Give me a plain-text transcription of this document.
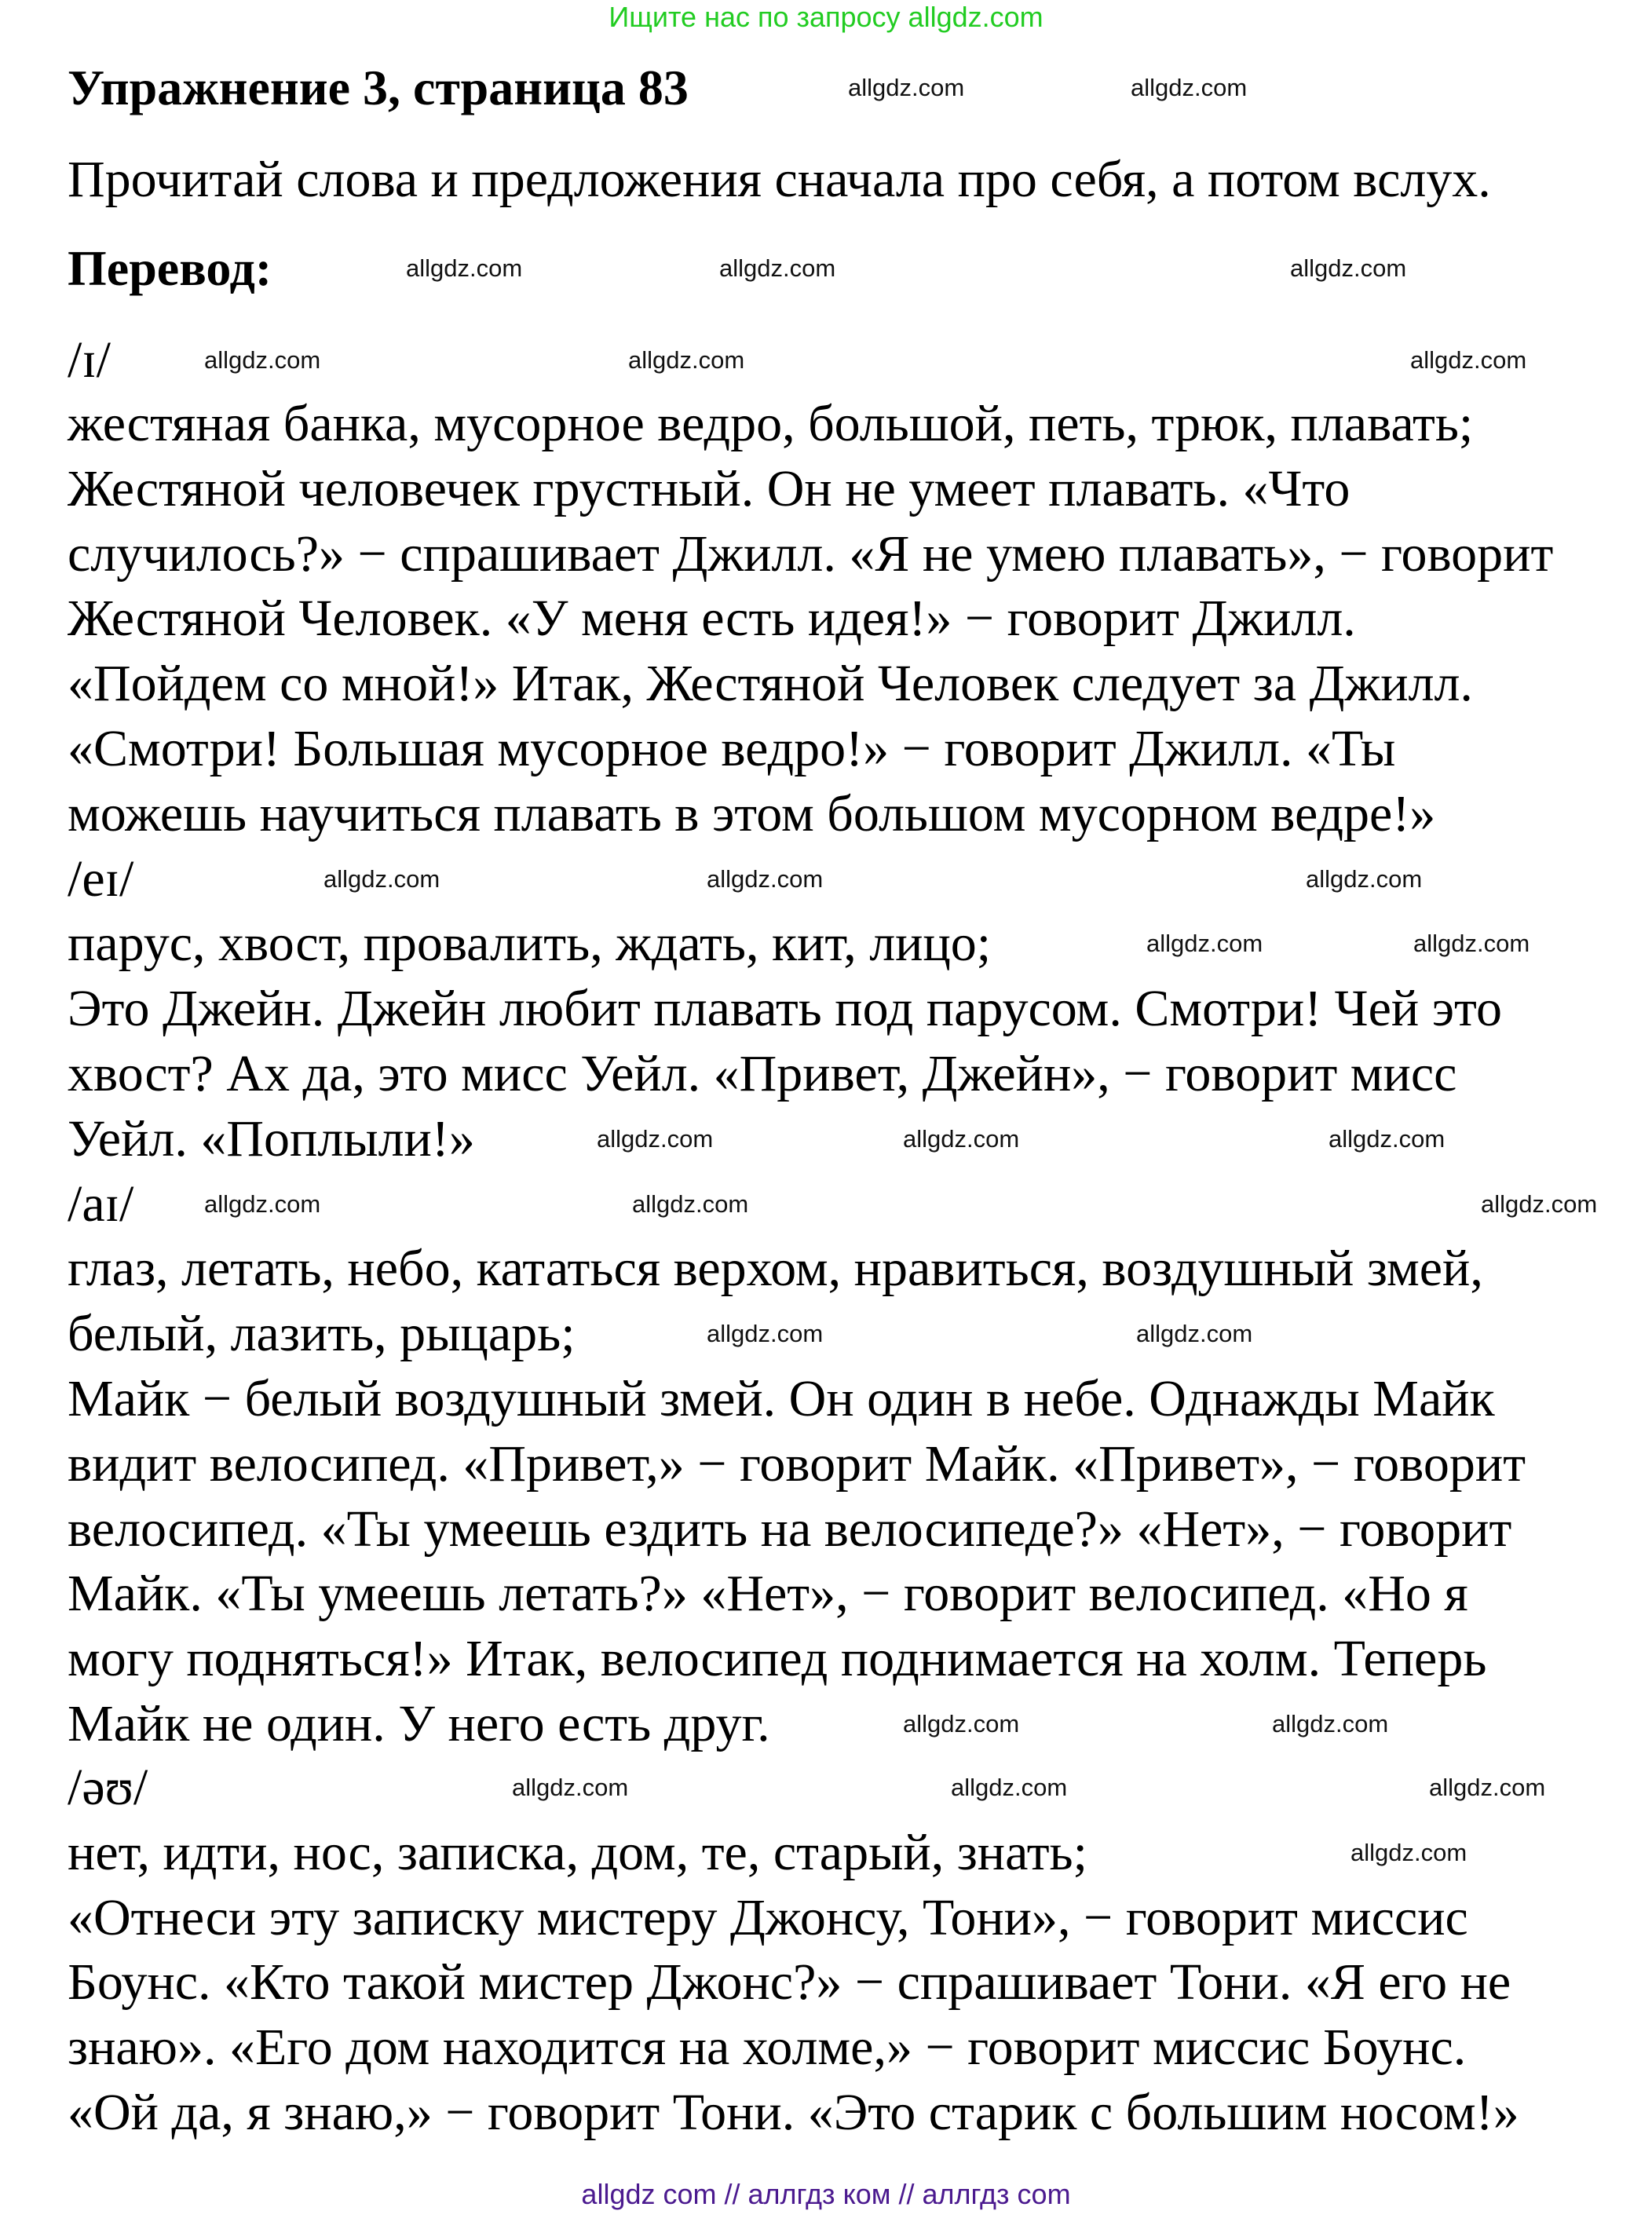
Ищите нас по запросу allgdz.com
Упражнение 3, страница 83
Прочитай слова и предложения сначала про себя, а потом вслух.
Перевод:
/ɪ/
жестяная банка, мусорное ведро, большой, петь, трюк, плавать;
Жестяной человечек грустный. Он не умеет плавать. «Что
случилось?» − спрашивает Джилл. «Я не умею плавать», − говорит
Жестяной Человек. «У меня есть идея!» − говорит Джилл.
«Пойдем со мной!» Итак, Жестяной Человек следует за Джилл.
«Смотри! Большая мусорное ведро!» − говорит Джилл. «Ты
можешь научиться плавать в этом большом мусорном ведре!»
/eɪ/
парус, хвост, провалить, ждать, кит, лицо;
Это Джейн. Джейн любит плавать под парусом. Смотри! Чей это
хвост? Ах да, это мисс Уейл. «Привет, Джейн», − говорит мисс
Уейл. «Поплыли!»
/aɪ/
глаз, летать, небо, кататься верхом, нравиться, воздушный змей,
белый, лазить, рыцарь;
Майк − белый воздушный змей. Он один в небе. Однажды Майк
видит велосипед. «Привет,» − говорит Майк. «Привет», − говорит
велосипед. «Ты умеешь ездить на велосипеде?» «Нет», − говорит
Майк. «Ты умеешь летать?» «Нет», − говорит велосипед. «Но я
могу подняться!» Итак, велосипед поднимается на холм. Теперь
Майк не один. У него есть друг.
/əʊ/
нет, идти, нос, записка, дом, те, старый, знать;
«Отнеси эту записку мистеру Джонсу, Тони», − говорит миссис
Боунс. «Кто такой мистер Джонс?» − спрашивает Тони. «Я его не
знаю». «Его дом находится на холме,» − говорит миссис Боунс.
«Ой да, я знаю,» − говорит Тони. «Это старик с большим носом!»
allgdz com // аллгдз ком // аллгдз com
allgdz.com	allgdz.com
allgdz.com	allgdz.com	allgdz.com
allgdz.com	allgdz.com	allgdz.com
allgdz.com	allgdz.com	allgdz.com
allgdz.com	allgdz.com
allgdz.com	allgdz.com	allgdz.com
allgdz.com	allgdz.com	allgdz.com
allgdz.com	allgdz.com
allgdz.com	allgdz.com
allgdz.com	allgdz.com	allgdz.com
allgdz.com
